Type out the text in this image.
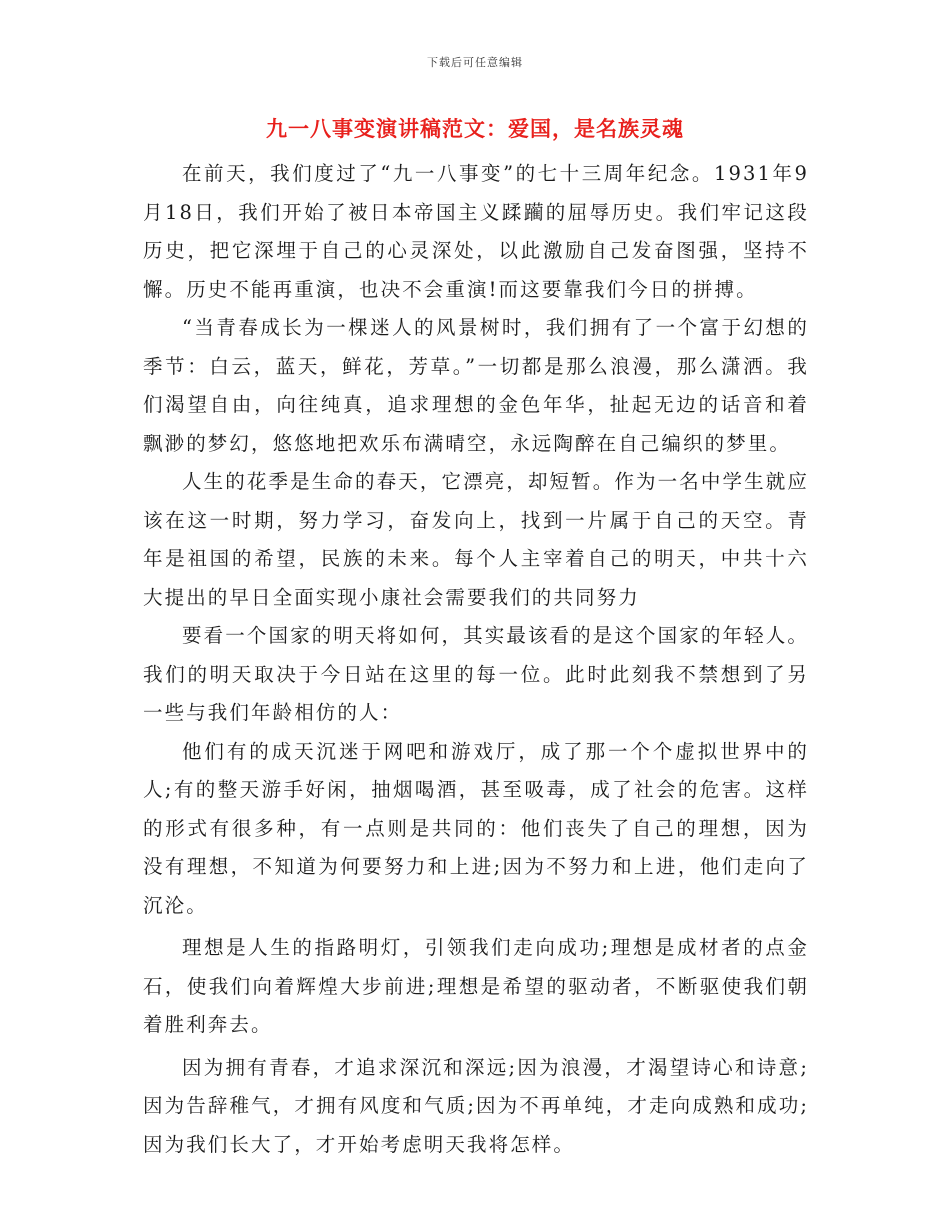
下载后可任意编辑
九一八事变演讲稿范文：爱国，是名族灵魂

在前天，我们度过了“九一八事变”的七十三周年纪念。1931年9月18日，我们开始了被日本帝国主义蹂躏的屈辱历史。我们牢记这段历史，把它深埋于自己的心灵深处，以此激励自己发奋图强，坚持不懈。历史不能再重演，也决不会重演!而这要靠我们今日的拼搏。

“当青春成长为一棵迷人的风景树时，我们拥有了一个富于幻想的季节：白云，蓝天，鲜花，芳草。”一切都是那么浪漫，那么潇洒。我们渴望自由，向往纯真，追求理想的金色年华，扯起无边的话音和着飘渺的梦幻，悠悠地把欢乐布满晴空，永远陶醉在自己编织的梦里。

人生的花季是生命的春天，它漂亮，却短暂。作为一名中学生就应该在这一时期，努力学习，奋发向上，找到一片属于自己的天空。青年是祖国的希望，民族的未来。每个人主宰着自己的明天，中共十六大提出的早日全面实现小康社会需要我们的共同努力

要看一个国家的明天将如何，其实最该看的是这个国家的年轻人。我们的明天取决于今日站在这里的每一位。此时此刻我不禁想到了另一些与我们年龄相仿的人：

他们有的成天沉迷于网吧和游戏厅，成了那一个个虚拟世界中的人;有的整天游手好闲，抽烟喝酒，甚至吸毒，成了社会的危害。这样的形式有很多种，有一点则是共同的：他们丧失了自己的理想，因为没有理想，不知道为何要努力和上进;因为不努力和上进，他们走向了沉沦。

理想是人生的指路明灯，引领我们走向成功;理想是成材者的点金石，使我们向着辉煌大步前进;理想是希望的驱动者，不断驱使我们朝着胜利奔去。

因为拥有青春，才追求深沉和深远;因为浪漫，才渴望诗心和诗意;因为告辞稚气，才拥有风度和气质;因为不再单纯，才走向成熟和成功;因为我们长大了，才开始考虑明天我将怎样。
